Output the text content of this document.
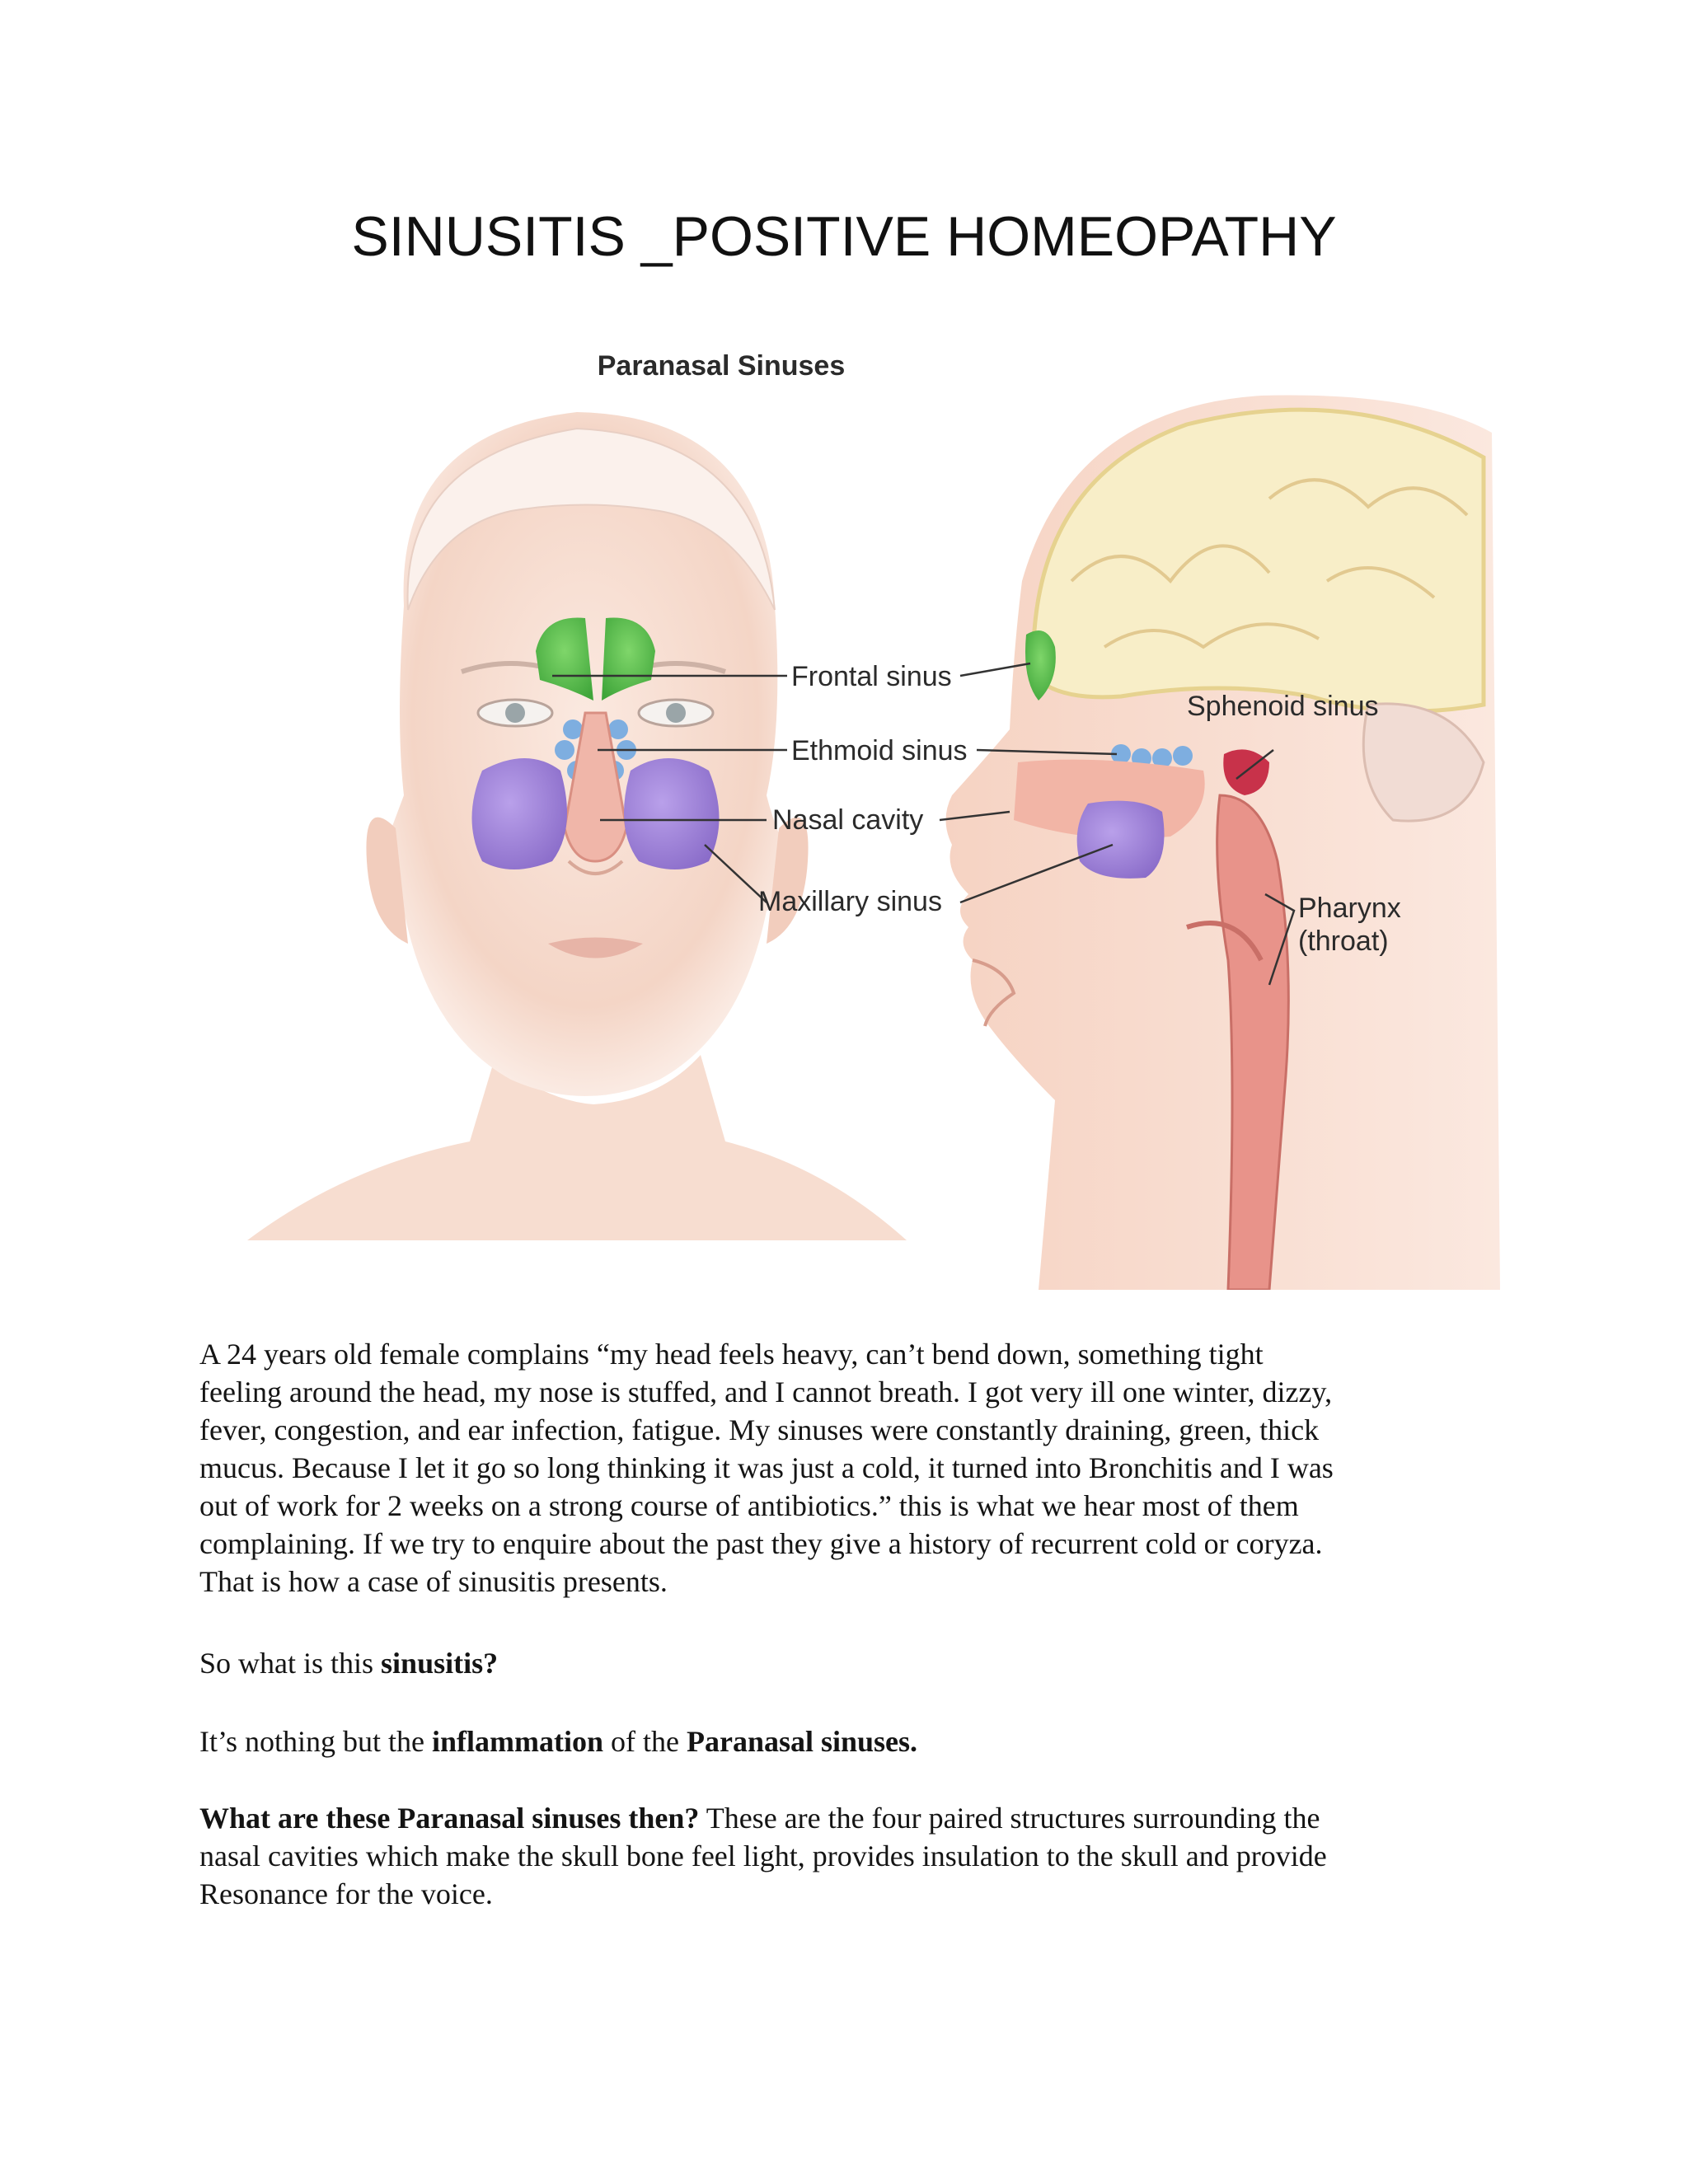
SINUSITIS _POSITIVE HOMEOPATHY
Paranasal Sinuses
Frontal sinus
Ethmoid sinus
Nasal cavity
Maxillary sinus
Sphenoid sinus
Pharynx
(throat)
A 24 years old female complains “my head feels heavy, can’t bend down, something tight
feeling around the head, my nose is stuffed, and I cannot breath. I got very ill one winter, dizzy,
fever, congestion, and ear infection, fatigue. My sinuses were constantly draining, green, thick
mucus. Because I let it go so long thinking it was just a cold, it turned into Bronchitis and I was
out of work for 2 weeks on a strong course of antibiotics.” this is what we hear most of them
complaining. If we try to enquire about the past they give a history of recurrent cold or coryza.
That is how a case of sinusitis presents.
So what is this sinusitis?
It’s nothing but the inflammation of the Paranasal sinuses.
What are these Paranasal sinuses then? These are the four paired structures surrounding the
nasal cavities which make the skull bone feel light, provides insulation to the skull and provide
Resonance for the voice.
